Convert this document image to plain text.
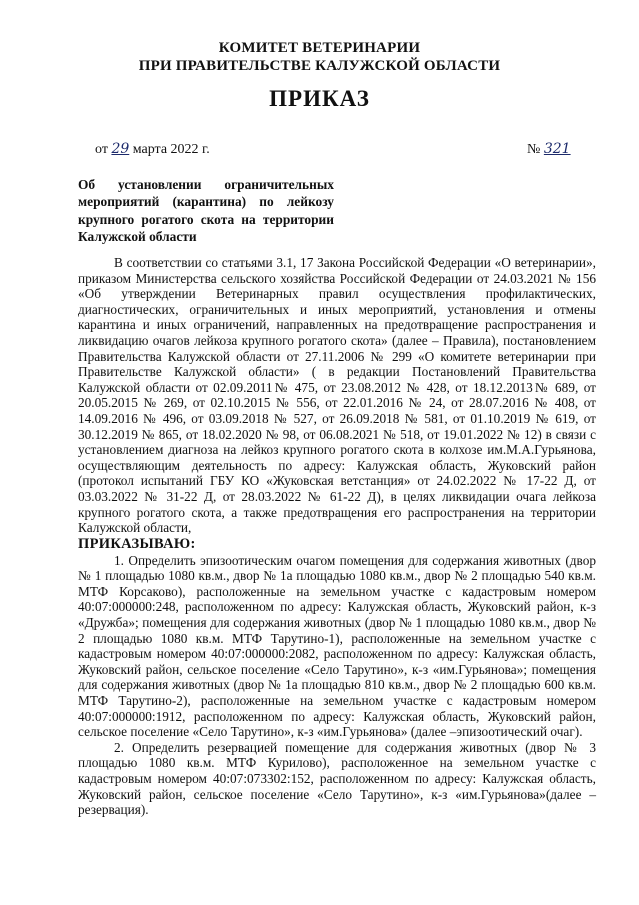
КОМИТЕТ ВЕТЕРИНАРИИ
ПРИ ПРАВИТЕЛЬСТВЕ КАЛУЖСКОЙ ОБЛАСТИ
ПРИКАЗ
от 29 марта 2022 г.	№ 321
Об установлении ограничительных мероприятий (карантина) по лейкозу крупного рогатого скота на территории Калужской области

В соответствии со статьями 3.1, 17 Закона Российской Федерации «О ветеринарии», приказом Министерства сельского хозяйства Российской Федерации от 24.03.2021 № 156 «Об утверждении Ветеринарных правил осуществления профилактических, диагностических, ограничительных и иных мероприятий, установления и отмены карантина и иных ограничений, направленных на предотвращение распространения и ликвидацию очагов лейкоза крупного рогатого скота» (далее – Правила), постановлением Правительства Калужской области от 27.11.2006 № 299 «О комитете ветеринарии при Правительстве Калужской области» ( в редакции Постановлений Правительства Калужской области от 02.09.2011№ 475, от 23.08.2012 № 428, от 18.12.2013№ 689, от 20.05.2015 № 269, от 02.10.2015 № 556, от 22.01.2016 № 24, от 28.07.2016 № 408, от 14.09.2016 № 496, от 03.09.2018 № 527, от 26.09.2018 № 581, от 01.10.2019 № 619, от 30.12.2019 № 865, от 18.02.2020 № 98, от 06.08.2021 № 518, от 19.01.2022 № 12) в связи с установлением диагноза на лейкоз крупного рогатого скота в колхозе им.М.А.Гурьянова, осуществляющим деятельность по адресу: Калужская область, Жуковский район (протокол испытаний ГБУ КО «Жуковская ветстанция» от 24.02.2022 № 17-22 Д, от 03.03.2022 № 31-22 Д, от 28.03.2022 № 61-22 Д), в целях ликвидации очага лейкоза крупного рогатого скота, а также предотвращения его распространения на территории Калужской области,

ПРИКАЗЫВАЮ:

1. Определить эпизоотическим очагом помещения для содержания животных (двор № 1 площадью 1080 кв.м., двор № 1а площадью 1080 кв.м., двор № 2 площадью 540 кв.м. МТФ Корсаково), расположенные на земельном участке с кадастровым номером 40:07:000000:248, расположенном по адресу: Калужская область, Жуковский район, к-з «Дружба»; помещения для содержания животных (двор № 1 площадью 1080 кв.м., двор № 2 площадью 1080 кв.м. МТФ Тарутино-1), расположенные на земельном участке с кадастровым номером 40:07:000000:2082, расположенном по адресу: Калужская область, Жуковский район, сельское поселение «Село Тарутино», к-з «им.Гурьянова»; помещения для содержания животных (двор № 1а площадью 810 кв.м., двор № 2 площадью 600 кв.м. МТФ Тарутино-2), расположенные на земельном участке с кадастровым номером 40:07:000000:1912, расположенном по адресу: Калужская область, Жуковский район, сельское поселение «Село Тарутино», к-з «им.Гурьянова» (далее –эпизоотический очаг).

2. Определить резервацией помещение для содержания животных (двор № 3 площадью 1080 кв.м. МТФ Курилово), расположенное на земельном участке с кадастровым номером 40:07:073302:152, расположенном по адресу: Калужская область, Жуковский район, сельское поселение «Село Тарутино», к-з «им.Гурьянова»(далее – резервация).
